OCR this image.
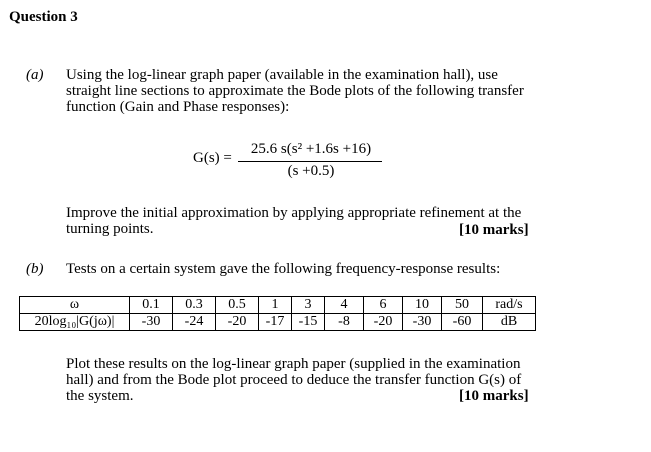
Question 3
(a) Using the log-linear graph paper (available in the examination hall), use
straight line sections to approximate the Bode plots of the following transfer
function (Gain and Phase responses):
G(s) =
25.6 s(s² +1.6s +16)
(s +0.5)
Improve the initial approximation by applying appropriate refinement at the
turning points.	[10 marks]
(b) Tests on a certain system gave the following frequency-response results:
ω	0.1	0.3	0.5	1	3	4	6	10	50	rad/s
20log₁₀|G(jω)|	-30	-24	-20	-17	-15	-8	-20	-30	-60	dB
Plot these results on the log-linear graph paper (supplied in the examination
hall) and from the Bode plot proceed to deduce the transfer function G(s) of
the system.	[10 marks]
